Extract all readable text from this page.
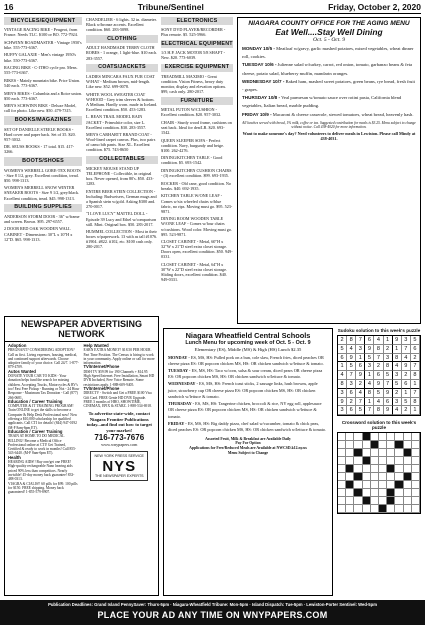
16	Tribune/Sentinel	Friday, October 2, 2020
BICYCLES/EQUIPMENT
VINTAGE RACING BIKE - Peugeot, from France. Needs TLC. $100 or BO. 772-7924.
SCHWINN ROADMASTER - Vintage 1950's bike. 555-773-6367.
HUFFY GALAXIE - Men's vintage 1950's bike. 550-773-6367.
RACING BIKE - C-ITHO cycle pro. Mens. 555-773-6367.
BIKES - Mainly mountain bike. Price Union. 540 each. 773-6367.
MEN'S BIKES - Columbia and a Roice union. $50 each. 773-6367.
MEN'S SCHWINN BIKE - Deluxe Model, call for photo. Like new. $50. 479-7315.
BOOKS/MAGAZINES
SET OF DANIELLE STEELE BOOKS - Hard cover and paper back. Set of 35. $20. 957-3032.
DR. SEUSS BOOKS - 17 total. $15. 417-3266.
BOOTS/SHOES
WOMEN'S WERRELL GORE-TEX BOOTS - Size 8 1/2, grey. Excellent condition, tread. $50. 998-1313.
WOMEN'S MERRELL SNOW WINTER SNEAKER BOOTS - Size 9 1/2, grey/black. Excellent condition, tread. $45. 998-1313.
BUILDING SUPPLIES
ANDERSON STORM DOOR - 36" w/frame and screen. Brown. $95. 297-6557.
2 DOOR RED OAK WOODEN WALL CABINET - Dimensions: 30"L x 10"H x 12"D. $65. 998-1313.
CHANDELIER - 6 lights. 32 in. diameter. Black w/bronze accents. Excellent condition. $60. 283-5098.
CLOTHING
ADULT HANDMADE TERRY CLOTH ROBES - 1 orange, 1 light-blue. $10 each. 283-3557.
COATS/JACKETS
LADIES MINCARA FAUX FUR COAT W/HAT - Medium brown, mid-length. Like new. $52. 699-0078.
WHITE WOOL SWEATER COAT W/HOOD - Grey trim sleeves & bottom. A Medium. Hardly worn. made in Iceland. Excellent condition. $50. 453-1283.
L. BEAN TRAIL MODEL RAIN JACKET - Primwhite color, size L. Excellent condition. $30. 283-3557.
MEN'S CARHARTT BRAND COAT - Wool-lined carpet canvas. Plus, two pairs of camo bib pants. Size XL. Excellent condition. $75. 743-8650
COLLECTABLES
MICKEY MOUSE STAND UP TELEPHONE - Collectible, in original box. Never opened, from 80's. $50. 433-1283.
ENTIRE BEER STEIN COLLECTION - Including: Budweisers, German mugs and a Spanish stein w/gold. Asking $300 and. 270-0017.
"I LOVE LUCY" MATTEL DOLL - Episode 39 Lucy and Ethel w/comparison still. Mint. Original box. $50. 283-2017.
HUMMEL COLLECTION - Most in their boxes w/paperwork. 13 with as tall #1076. #1904. #822. #102, etc. $100 cash only. 280-2017.
ELECTRONICS
SONY DVD PLAYER/RECORDER - Plus remote. $5. 525-5966.
ELECTRICAL EQUIPMENT
1/3 H.P. JACK MOTOR 5/8 SHAFT - New. $20. 773-6039.
EXERCISE EQUIPMENT
TREADMILL MAXIMO - Great condition. Vision Fitness, heavy duty monitor, display and elevation options. $99, cash only. 280-2017.
FURNITURE
METAL FUTON W/CUSHION - Excellent condition. $20. 957-3032.
CHAIR - Sturdy wood frame, cushions on seat back. Ideal for den/LR. $20. 693-1542.
QUEEN SLEEPER SOFA - Perfect condition. Navy, burgundy and beige. $100. 262-4276.
DINING/KITCHEN TABLE - Good condition. $5. 693-1542.
DINING/KITCHEN CUSHION CHAIRS - (3) excellent condition. $99. 693-1935.
ROCKER - Old cane, good condition. No breaks. $40. 692-1935.
KITCHEN TABLE W/ONE LEAF - Comes w/six wheeled chairs w/blue fabric, no rips. Moving must go. $95. 523-9871.
DINING ROOM WOODEN TABLE W/ONE LEAF - Comes w/four chairs w/cushions. Wood color. Moving must go. $95. 523-9871.
CLOSET CABINET - Metal, 60"H x 32"W x 21"D steel extra closet storage. Doors open, excellent condition. $50. 949-0331.
CLOSET CABINET - Metal, 64"H x 30"W x 22"D steel extra closet storage. Sliding doors, excellent condition. $40. 949-0331.
NIAGARA COUNTY OFFICE FOR THE AGING MENU
Eat Well....Stay Well Dining
Oct. 5 - Oct. 9
MONDAY 10/5 - Meatloaf w/gravy, garlic mashed potatoes, mixed vegetables, wheat dinner roll, cookies.
TUESDAY 10/6 - Julienne salad w/turkey, carrot, red onion, tomato, garbanzo beans & feta cheese, potato salad, blueberry muffin, mandarin oranges.
WEDNESDAY 10/7 - Baked ham, mashed sweet potatoes, green beans, rye bread, fresh fruit - grapes.
THURSDAY 10/8 - Veal parmesan w/tomato sauce over rotini pasta, California blend vegetables, Italian bread, marble pudding.
FRIDAY 10/9 - Macaroni & cheese casserole, stewed tomatoes, wheat bread, heavenly hash.
All lunches served with bread, 1% milk, coffee or tea. Suggested contribution for meals is $3.25. Menu subject to change without notice. Call 438-4020 for more information.
Want to make someone's day? Need volunteers to deliver meals in Lewiston. Please call Mindy at 438-4031.
NEWSPAPER ADVERTISING NETWORK
Adoption
PREGNANT? CONSIDERING ADOPTION? Call us first. Living expenses, housing, medical, and continued support afterwards. Choose adoptive family of your choice. Call 24/7. 1-877-879-4709.
Autos Wanted
DONATE YOUR CAR TO KIDS - Your donation helps fund the search for missing children. Accepting Trucks, Motorcycles & RV's too! Fast Free Pickup - Running or Not - 24 Hour Response - Maximum Tax Donation - Call (877) 266-0681.
Education / Career Training
COMPUTER & IT TRAINING PROGRAM! Train ONLINE to get the skills to become a Computer & Help Desk Professional now! Now offering a $10,000 scholarship for qualified applicants. Call CTI for details! (844) 947-0192 (M-F 8am-6pm ET).
Education / Career Training
TRAIN AT HOME TO DO MEDICAL BILLING! Become a Medical Office Professional online at CTI! Get Trained, Certified & ready to work in months! Call 855-543-6440. (M-F 8am-6pm ET).
Health
HEARING AIDS!! Buy one/get one FREE! High-quality rechargeable Nano hearing aids priced 90% less than competitors. Nearly invisible! 45-day money back guarantee! 833-488-0313.
VIAGRA & CIALIS!! 60 pills for $99. 100 pills for $150. FREE shipping. Money back guaranteed! 1-855-579-8907.
Help Wanted
EARN EXTRA MONEY! $18.50 PER HOUR. Part Time Position. The Census is hiring to work in your community. Apply online or call for more information.
TV/Internet/Phone
DISH TV $59.99 for 190 Channels + $14.95 High Speed Internet. Free Installation, Smart HD DVR Included, Free Voice Remote. Some restrictions apply. 1-888-609-9405.
TV/Internet/Phone
DIRECTV - Switch and Get a FREE $100 Visa Gift Card. FREE Genie HD DVR Upgrade. FREE 3 months of HBO, SHOWTIME, CINEMAX, EPIX & STARZ. 1-888-534-6918.
To advertise state-wide, contact Niagara Frontier Publications today...and find out how to target your market!
716-773-7676
www.wnypapers.com
NEW YORK PRESS SERVICE
NYS
THE NEWSPAPER EXPERTS
Niagara Wheatfield Central Schools
Lunch Menu for upcoming week of Oct. 5 - Oct. 9
Elementary (ES), Middle (MS) & High (HS) Lunch $2.35
MONDAY - ES, MS, HS: Pulled pork on a bun, cole slaw, French fries, diced peaches OR cheese pizza ES: OR popcorn chicken MS, HS: OR chicken sandwich w/lettuce & tomato.
TUESDAY - ES, MS, HS: Taco w/corn, salsa & sour cream, diced pears OR cheese pizza ES: OR popcorn chicken MS, HS: OR chicken sandwich w/lettuce & tomato.
WEDNESDAY - ES, MS, HS: French toast sticks, 2 sausage links, hash browns, apple juice, strawberry cup OR cheese pizza ES: OR popcorn chicken MS, HS: OR chicken sandwich w/lettuce & tomato.
THURSDAY - ES, MS, HS: Tangerine chicken, broccoli & rice, NY egg roll, applesauce OR cheese pizza ES: OR popcorn chicken MS, HS: OR chicken sandwich w/lettuce & tomato.
FRIDAY - ES, MS, HS: Big daddy pizza, chef salad w/cucumber, tomato & chick peas, diced peaches ES: OR popcorn chicken MS, HS: OR chicken sandwich w/lettuce & tomato.
Assorted Fruit, Milk & Breakfast are Available Daily
Pay For Option
Applications for Free/Reduced Meals are Available at NWCSD.k12.ny.us
Menu Subject to Change
Sudoku solution to this week's puzzle
2	8	7	6	4	1	9	3	5
5	4	3	9	8	2	1	7	6
6	9	1	5	7	3	8	4	2
1	5	6	3	2	8	4	9	7
4	7	9	1	6	5	3	2	8
8	3	2	4	9	7	5	6	1
3	6	4	8	5	9	2	1	7
9	2	7	1	4	6	3	5	8
3	6	5	7	8	9	4	2	1
Crossword solution to this week's puzzle
Publication Deadlines: Grand Island PennySaver: Thurs-5pm · Niagara-Wheatfield Tribune: Mon-5pm · Island Dispatch: Tue-5pm · Lewiston-Porter Sentinel: Wed-5pm
PLACE YOUR AD ANY TIME ON WNYPAPERS.COM
